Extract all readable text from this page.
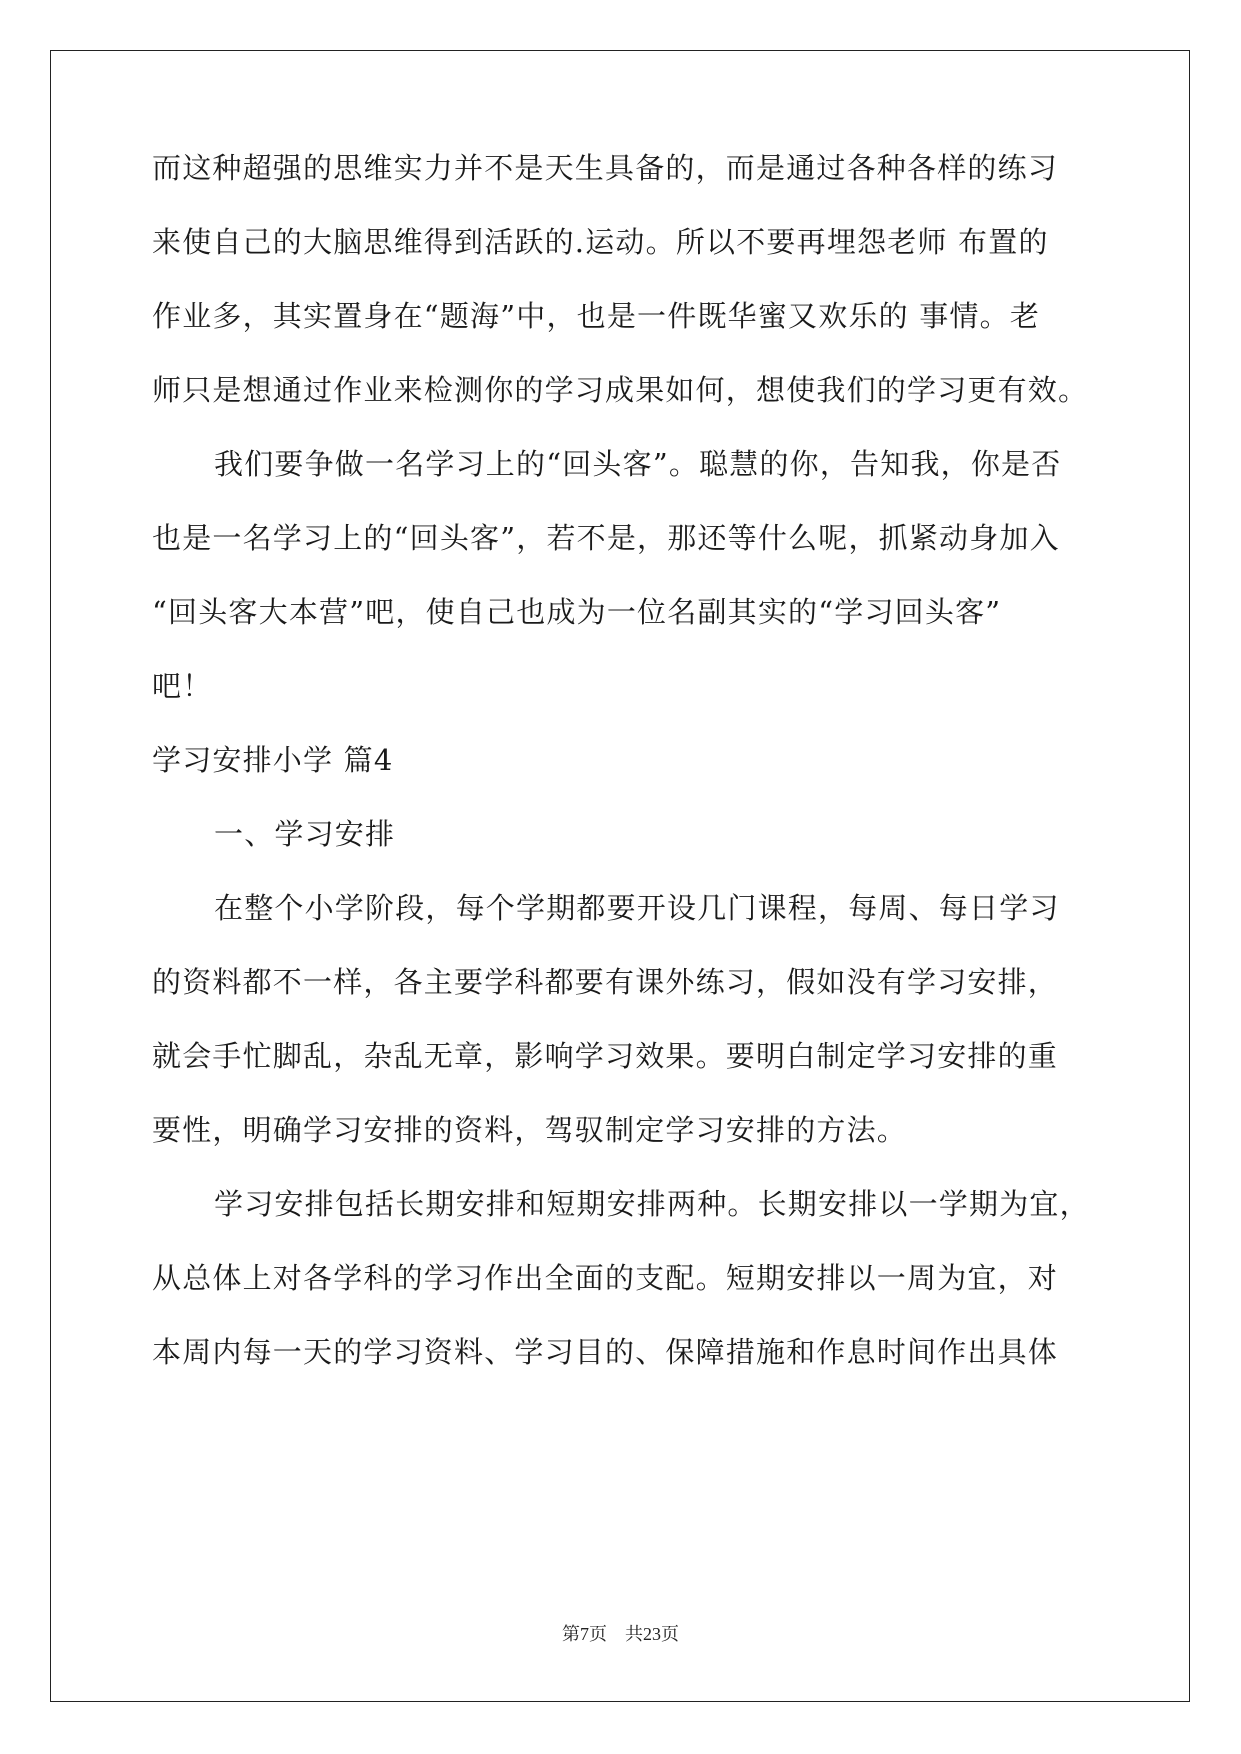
而这种超强的思维实力并不是天生具备的，而是通过各种各样的练习
来使自己的大脑思维得到活跃的.运动。所以不要再埋怨老师 布置的
作业多，其实置身在“题海”中，也是一件既华蜜又欢乐的 事情。老
师只是想通过作业来检测你的学习成果如何，想使我们的学习更有效。
我们要争做一名学习上的“回头客”。聪慧的你，告知我，你是否
也是一名学习上的“回头客”，若不是，那还等什么呢，抓紧动身加入
“回头客大本营”吧，使自己也成为一位名副其实的“学习回头客”
吧！
学习安排小学 篇4
一、学习安排
在整个小学阶段，每个学期都要开设几门课程，每周、每日学习
的资料都不一样，各主要学科都要有课外练习，假如没有学习安排，
就会手忙脚乱，杂乱无章，影响学习效果。要明白制定学习安排的重
要性，明确学习安排的资料，驾驭制定学习安排的方法。
学习安排包括长期安排和短期安排两种。长期安排以一学期为宜，
从总体上对各学科的学习作出全面的支配。短期安排以一周为宜，对
本周内每一天的学习资料、学习目的、保障措施和作息时间作出具体
第7页　共23页
